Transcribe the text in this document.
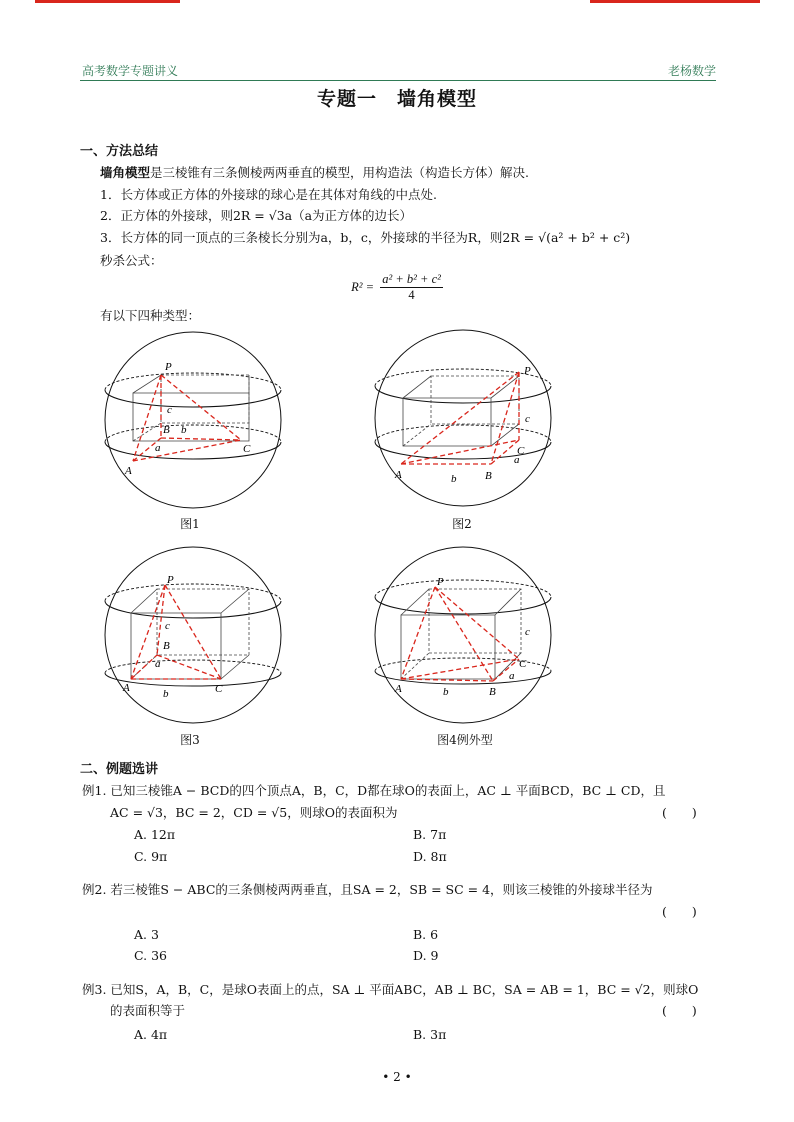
高考数学专题讲义	老杨数学
专题一　墙角模型
一、方法总结
墙角模型是三棱锥有三条侧棱两两垂直的模型，用构造法（构造长方体）解决.
1．长方体或正方体的外接球的球心是在其体对角线的中点处.
2．正方体的外接球，则2R = √3a（a为正方体的边长）
3．长方体的同一顶点的三条棱长分别为a，b，c，外接球的半径为R，则2R = √(a² + b² + c²)
秒杀公式：
$R^2 = \frac{\text{a² + b² + c²}}{4}$
有以下四种类型：
P
A
B
C
a
b
c
图1
P
A	B
C
a
b
c
图2
P
A
B
C
a
b
c
图3
P
A	B
C
a
b
c
图4例外型
二、例题选讲
例1. 已知三棱锥A − BCD的四个顶点A，B，C，D都在球O的表面上，AC ⊥ 平面BCD，BC ⊥ CD，且
AC = √3，BC = 2，CD = √5，则球O的表面积为	(　　)
A. 12π	B. 7π
C. 9π	D. 8π
例2. 若三棱锥S − ABC的三条侧棱两两垂直，且SA = 2，SB = SC = 4，则该三棱锥的外接球半径为
(　　)
A. 3	B. 6
C. 36	D. 9
例3. 已知S，A，B，C，是球O表面上的点，SA ⊥ 平面ABC，AB ⊥ BC，SA = AB = 1，BC = √2，则球O
的表面积等于	(　　)
A. 4π	B. 3π
• 2 •
